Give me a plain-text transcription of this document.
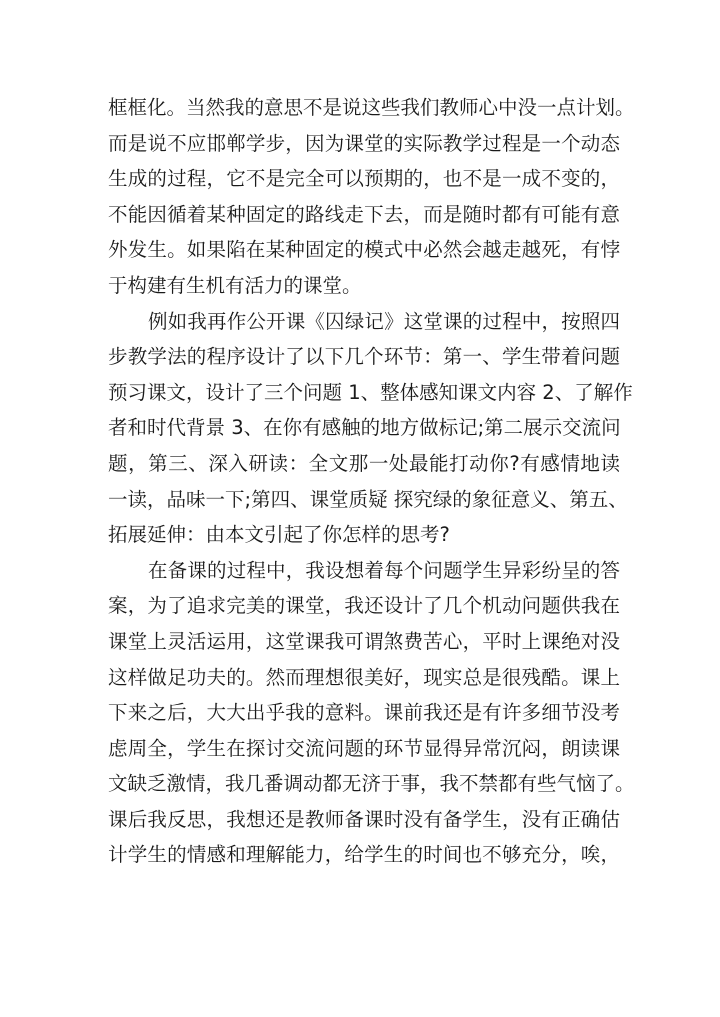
框框化。当然我的意思不是说这些我们教师心中没一点计划。
而是说不应邯郸学步，因为课堂的实际教学过程是一个动态
生成的过程，它不是完全可以预期的，也不是一成不变的，
不能因循着某种固定的路线走下去，而是随时都有可能有意
外发生。如果陷在某种固定的模式中必然会越走越死，有悖
于构建有生机有活力的课堂。
例如我再作公开课《囚绿记》这堂课的过程中，按照四
步教学法的程序设计了以下几个环节：第一、学生带着问题
预习课文，设计了三个问题 1、整体感知课文内容 2、了解作
者和时代背景 3、在你有感触的地方做标记;第二展示交流问
题，第三、深入研读：全文那一处最能打动你?有感情地读
一读，品味一下;第四、课堂质疑 探究绿的象征意义、第五、
拓展延伸：由本文引起了你怎样的思考?
在备课的过程中，我设想着每个问题学生异彩纷呈的答
案，为了追求完美的课堂，我还设计了几个机动问题供我在
课堂上灵活运用，这堂课我可谓煞费苦心，平时上课绝对没
这样做足功夫的。然而理想很美好，现实总是很残酷。课上
下来之后，大大出乎我的意料。课前我还是有许多细节没考
虑周全，学生在探讨交流问题的环节显得异常沉闷，朗读课
文缺乏激情，我几番调动都无济于事，我不禁都有些气恼了。
课后我反思，我想还是教师备课时没有备学生，没有正确估
计学生的情感和理解能力，给学生的时间也不够充分，唉，
